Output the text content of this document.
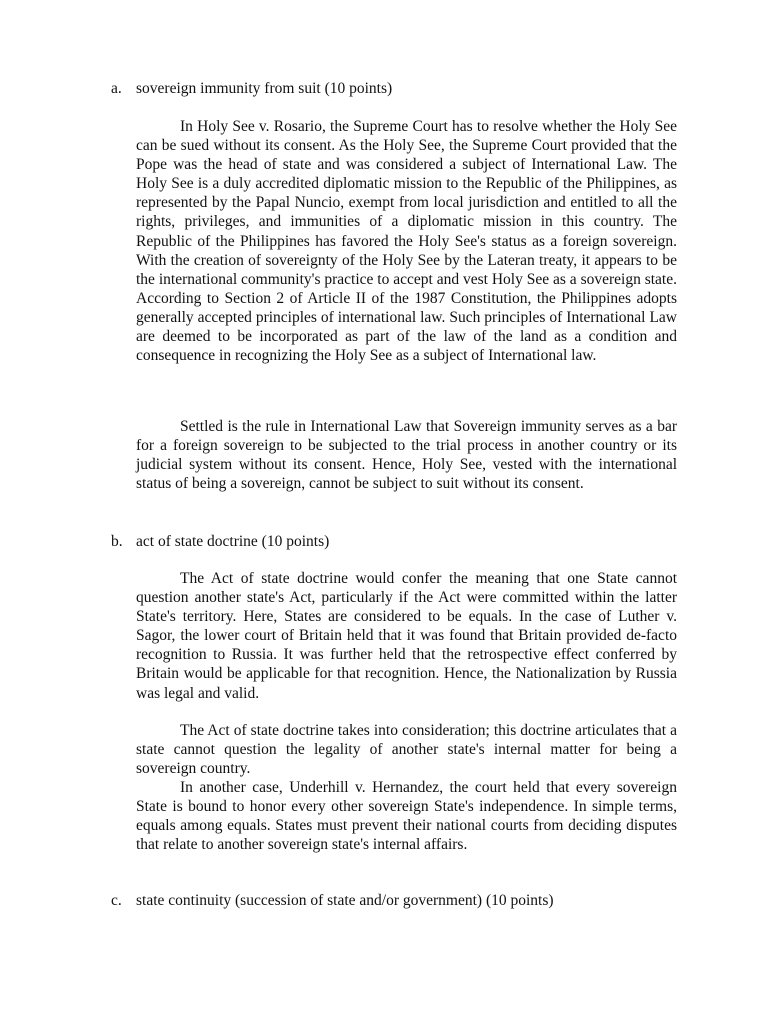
a. sovereign immunity from suit (10 points)

In Holy See v. Rosario, the Supreme Court has to resolve whether the Holy See can be sued without its consent. As the Holy See, the Supreme Court provided that the Pope was the head of state and was considered a subject of International Law. The Holy See is a duly accredited diplomatic mission to the Republic of the Philippines, as represented by the Papal Nuncio, exempt from local jurisdiction and entitled to all the rights, privileges, and immunities of a diplomatic mission in this country. The Republic of the Philippines has favored the Holy See's status as a foreign sovereign. With the creation of sovereignty of the Holy See by the Lateran treaty, it appears to be the international community's practice to accept and vest Holy See as a sovereign state. According to Section 2 of Article II of the 1987 Constitution, the Philippines adopts generally accepted principles of international law. Such principles of International Law are deemed to be incorporated as part of the law of the land as a condition and consequence in recognizing the Holy See as a subject of International law.

Settled is the rule in International Law that Sovereign immunity serves as a bar for a foreign sovereign to be subjected to the trial process in another country or its judicial system without its consent. Hence, Holy See, vested with the international status of being a sovereign, cannot be subject to suit without its consent.

b. act of state doctrine (10 points)

The Act of state doctrine would confer the meaning that one State cannot question another state's Act, particularly if the Act were committed within the latter State's territory. Here, States are considered to be equals. In the case of Luther v. Sagor, the lower court of Britain held that it was found that Britain provided de-facto recognition to Russia. It was further held that the retrospective effect conferred by Britain would be applicable for that recognition. Hence, the Nationalization by Russia was legal and valid.

The Act of state doctrine takes into consideration; this doctrine articulates that a state cannot question the legality of another state's internal matter for being a sovereign country.

In another case, Underhill v. Hernandez, the court held that every sovereign State is bound to honor every other sovereign State's independence. In simple terms, equals among equals. States must prevent their national courts from deciding disputes that relate to another sovereign state's internal affairs.

c. state continuity (succession of state and/or government) (10 points)
